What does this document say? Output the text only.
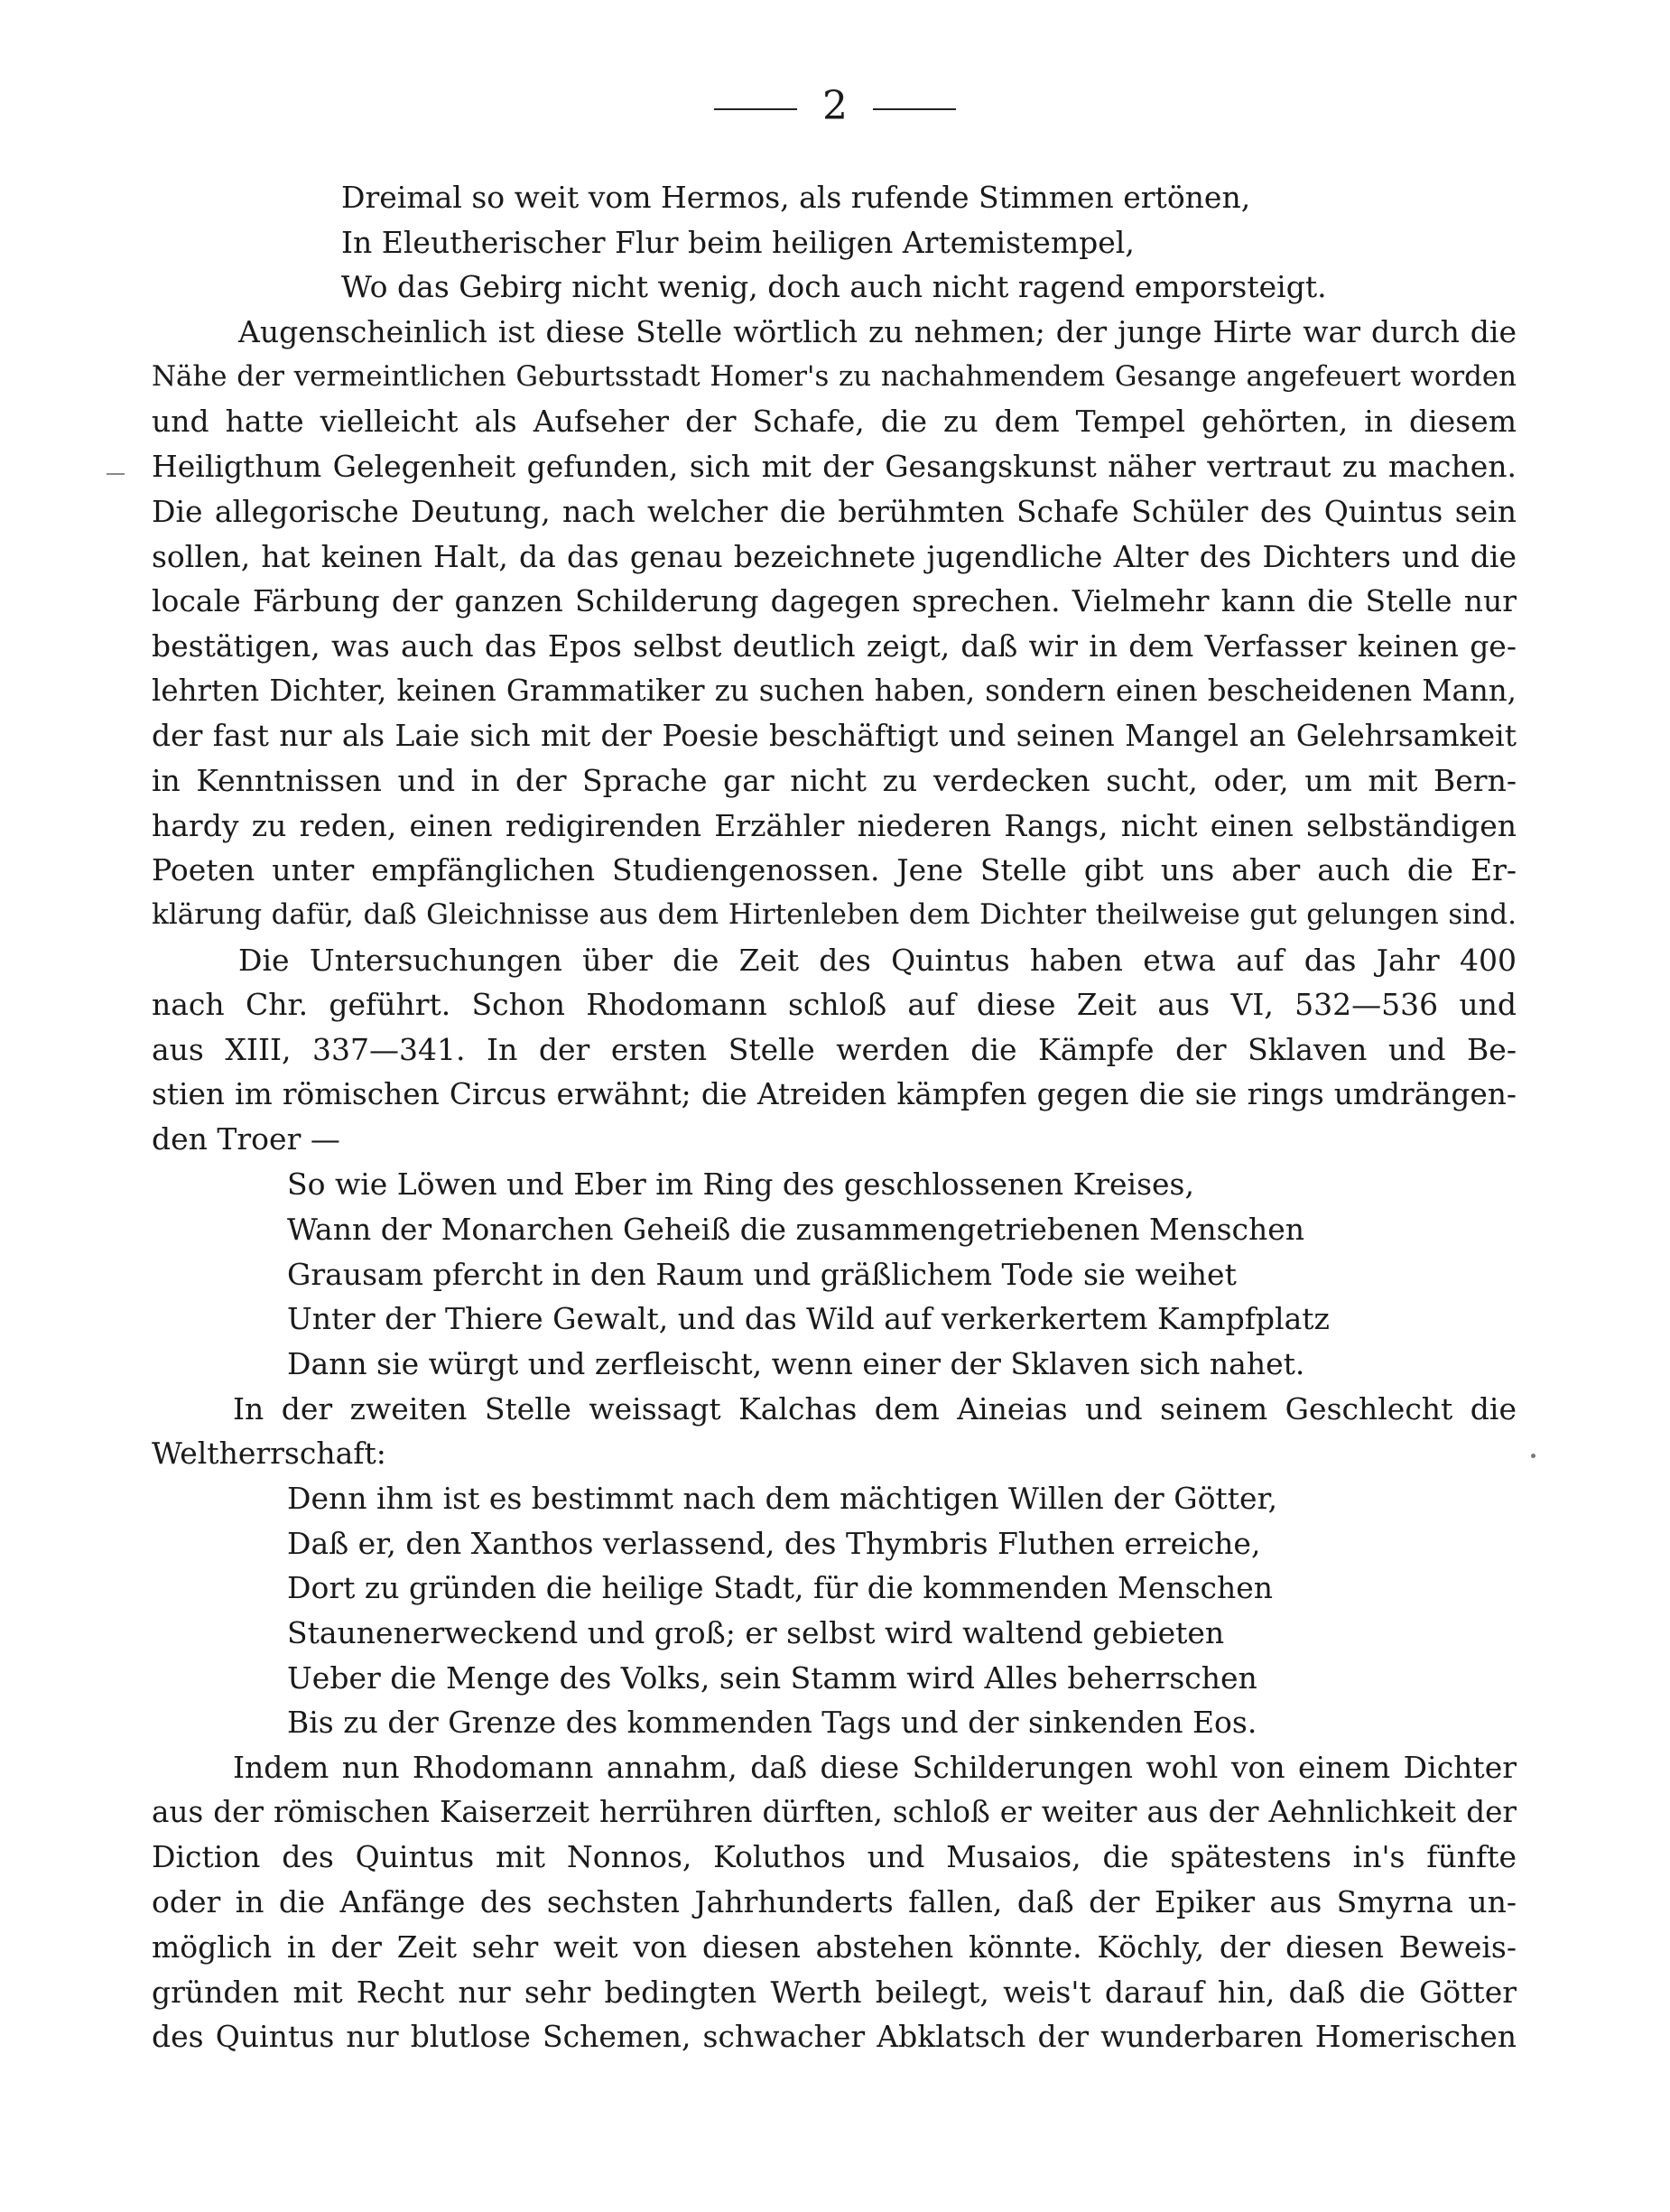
2
Dreimal so weit vom Hermos, als rufende Stimmen ertönen,
In Eleutherischer Flur beim heiligen Artemistempel,
Wo das Gebirg nicht wenig, doch auch nicht ragend emporsteigt.
Augenscheinlich ist diese Stelle wörtlich zu nehmen; der junge Hirte war durch die
Nähe der vermeintlichen Geburtsstadt Homer's zu nachahmendem Gesange angefeuert worden
und hatte vielleicht als Aufseher der Schafe, die zu dem Tempel gehörten, in diesem
Heiligthum Gelegenheit gefunden, sich mit der Gesangskunst näher vertraut zu machen.
Die allegorische Deutung, nach welcher die berühmten Schafe Schüler des Quintus sein
sollen, hat keinen Halt, da das genau bezeichnete jugendliche Alter des Dichters und die
locale Färbung der ganzen Schilderung dagegen sprechen. Vielmehr kann die Stelle nur
bestätigen, was auch das Epos selbst deutlich zeigt, daß wir in dem Verfasser keinen ge-
lehrten Dichter, keinen Grammatiker zu suchen haben, sondern einen bescheidenen Mann,
der fast nur als Laie sich mit der Poesie beschäftigt und seinen Mangel an Gelehrsamkeit
in Kenntnissen und in der Sprache gar nicht zu verdecken sucht, oder, um mit Bern-
hardy zu reden, einen redigirenden Erzähler niederen Rangs, nicht einen selbständigen
Poeten unter empfänglichen Studiengenossen. Jene Stelle gibt uns aber auch die Er-
klärung dafür, daß Gleichnisse aus dem Hirtenleben dem Dichter theilweise gut gelungen sind.
Die Untersuchungen über die Zeit des Quintus haben etwa auf das Jahr 400
nach Chr. geführt. Schon Rhodomann schloß auf diese Zeit aus VI, 532—536 und
aus XIII, 337—341. In der ersten Stelle werden die Kämpfe der Sklaven und Be-
stien im römischen Circus erwähnt; die Atreiden kämpfen gegen die sie rings umdrängen-
den Troer —
So wie Löwen und Eber im Ring des geschlossenen Kreises,
Wann der Monarchen Geheiß die zusammengetriebenen Menschen
Grausam pfercht in den Raum und gräßlichem Tode sie weihet
Unter der Thiere Gewalt, und das Wild auf verkerkertem Kampfplatz
Dann sie würgt und zerfleischt, wenn einer der Sklaven sich nahet.
In der zweiten Stelle weissagt Kalchas dem Aineias und seinem Geschlecht die
Weltherrschaft:
Denn ihm ist es bestimmt nach dem mächtigen Willen der Götter,
Daß er, den Xanthos verlassend, des Thymbris Fluthen erreiche,
Dort zu gründen die heilige Stadt, für die kommenden Menschen
Staunenerweckend und groß; er selbst wird waltend gebieten
Ueber die Menge des Volks, sein Stamm wird Alles beherrschen
Bis zu der Grenze des kommenden Tags und der sinkenden Eos.
Indem nun Rhodomann annahm, daß diese Schilderungen wohl von einem Dichter
aus der römischen Kaiserzeit herrühren dürften, schloß er weiter aus der Aehnlichkeit der
Diction des Quintus mit Nonnos, Koluthos und Musaios, die spätestens in's fünfte
oder in die Anfänge des sechsten Jahrhunderts fallen, daß der Epiker aus Smyrna un-
möglich in der Zeit sehr weit von diesen abstehen könnte. Köchly, der diesen Beweis-
gründen mit Recht nur sehr bedingten Werth beilegt, weis't darauf hin, daß die Götter
des Quintus nur blutlose Schemen, schwacher Abklatsch der wunderbaren Homerischen
